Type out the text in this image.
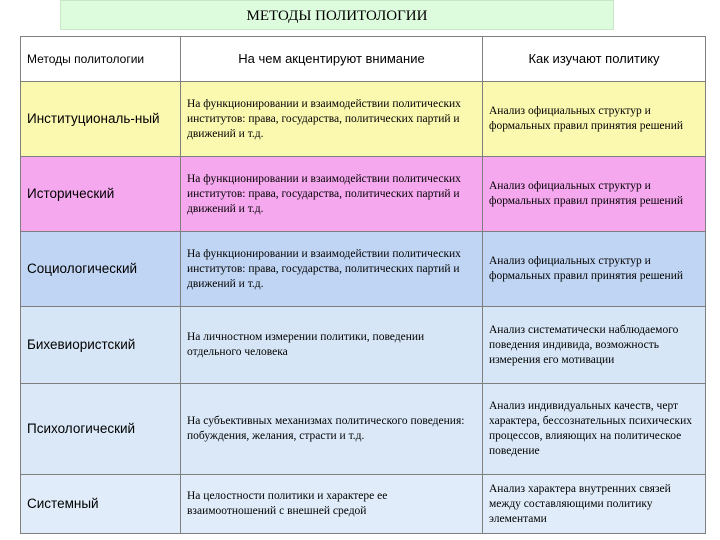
МЕТОДЫ ПОЛИТОЛОГИИ
Методы политологии	На чем акцентируют внимание	Как изучают политику
Институциональ-ный	На функционировании и взаимодействии политических институтов: права, государства, политических партий и движений и т.д.	Анализ официальных структур и формальных правил принятия решений
Исторический	На функционировании и взаимодействии политических институтов: права, государства, политических партий и движений и т.д.	Анализ официальных структур и формальных правил принятия решений
Социологический	На функционировании и взаимодействии политических институтов: права, государства, политических партий и движений и т.д.	Анализ официальных структур и формальных правил принятия решений
Бихевиористский	На личностном измерении политики, поведении отдельного человека	Анализ систематически наблюдаемого поведения индивида, возможность измерения его мотивации
Психологический	На субъективных механизмах политического поведения: побуждения, желания, страсти и т.д.	Анализ индивидуальных качеств, черт характера, бессознательных психических процессов, влияющих на политическое поведение
Системный	На целостности политики и характере ее взаимоотношений с внешней средой	Анализ характера внутренних связей между составляющими политику элементами
